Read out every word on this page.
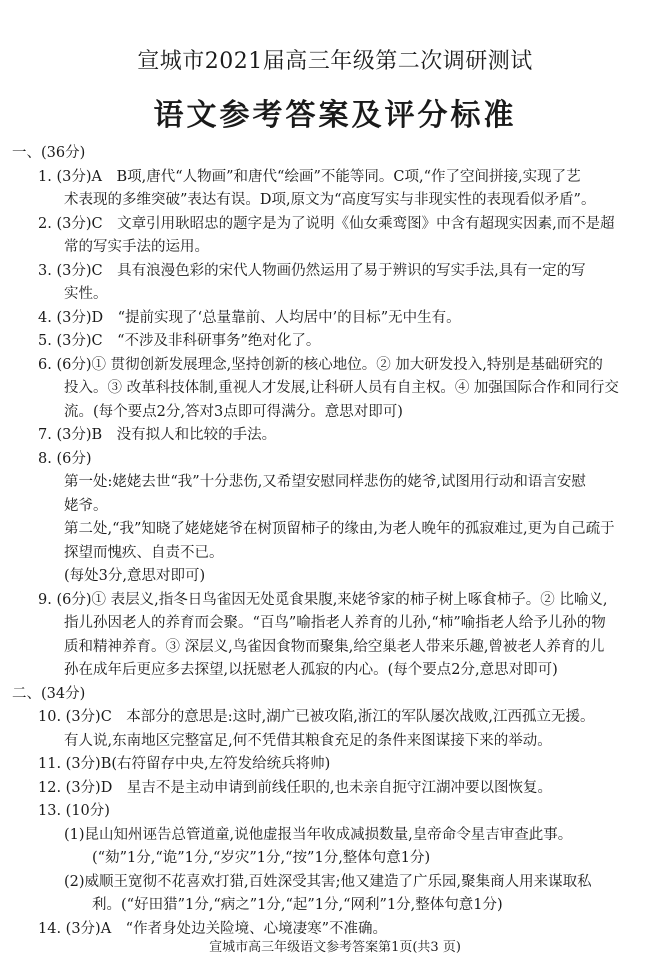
宣城市2021届高三年级第二次调研测试
语文参考答案及评分标准
一、(36分)
1. (3分)A　B项,唐代“人物画”和唐代“绘画”不能等同。C项,“作了空间拼接,实现了艺
术表现的多维突破”表达有误。D项,原文为“高度写实与非现实性的表现看似矛盾”。
2. (3分)C　文章引用耿昭忠的题字是为了说明《仙女乘鸾图》中含有超现实因素,而不是超
常的写实手法的运用。
3. (3分)C　具有浪漫色彩的宋代人物画仍然运用了易于辨识的写实手法,具有一定的写
实性。
4. (3分)D　“提前实现了‘总量靠前、人均居中’的目标”无中生有。
5. (3分)C　“不涉及非科研事务”绝对化了。
6. (6分)① 贯彻创新发展理念,坚持创新的核心地位。② 加大研发投入,特别是基础研究的
投入。③ 改革科技体制,重视人才发展,让科研人员有自主权。④ 加强国际合作和同行交
流。(每个要点2分,答对3点即可得满分。意思对即可)
7. (3分)B　没有拟人和比较的手法。
8. (6分)
第一处:姥姥去世“我”十分悲伤,又希望安慰同样悲伤的姥爷,试图用行动和语言安慰
姥爷。
第二处,“我”知晓了姥姥姥爷在树顶留柿子的缘由,为老人晚年的孤寂难过,更为自己疏于
探望而愧疚、自责不已。
(每处3分,意思对即可)
9. (6分)① 表层义,指冬日鸟雀因无处觅食果腹,来姥爷家的柿子树上啄食柿子。② 比喻义,
指儿孙因老人的养育而会聚。“百鸟”喻指老人养育的儿孙,“柿”喻指老人给予儿孙的物
质和精神养育。③ 深层义,鸟雀因食物而聚集,给空巢老人带来乐趣,曾被老人养育的儿
孙在成年后更应多去探望,以抚慰老人孤寂的内心。(每个要点2分,意思对即可)
二、(34分)
10. (3分)C　本部分的意思是:这时,湖广已被攻陷,浙江的军队屡次战败,江西孤立无援。
有人说,东南地区完整富足,何不凭借其粮食充足的条件来图谋接下来的举动。
11. (3分)B(右符留存中央,左符发给统兵将帅)
12. (3分)D　星吉不是主动申请到前线任职的,也未亲自扼守江湖冲要以图恢复。
13. (10分)
(1)昆山知州诬告总管道童,说他虚报当年收成减损数量,皇帝命令星吉审查此事。
(“劾”1分,“诡”1分,“岁灾”1分,“按”1分,整体句意1分)
(2)威顺王宽彻不花喜欢打猎,百姓深受其害;他又建造了广乐园,聚集商人用来谋取私
利。(“好田猎”1分,“病之”1分,“起”1分,“网利”1分,整体句意1分)
14. (3分)A　“作者身处边关险境、心境凄寒”不准确。
宣城市高三年级语文参考答案第1页(共3 页)
